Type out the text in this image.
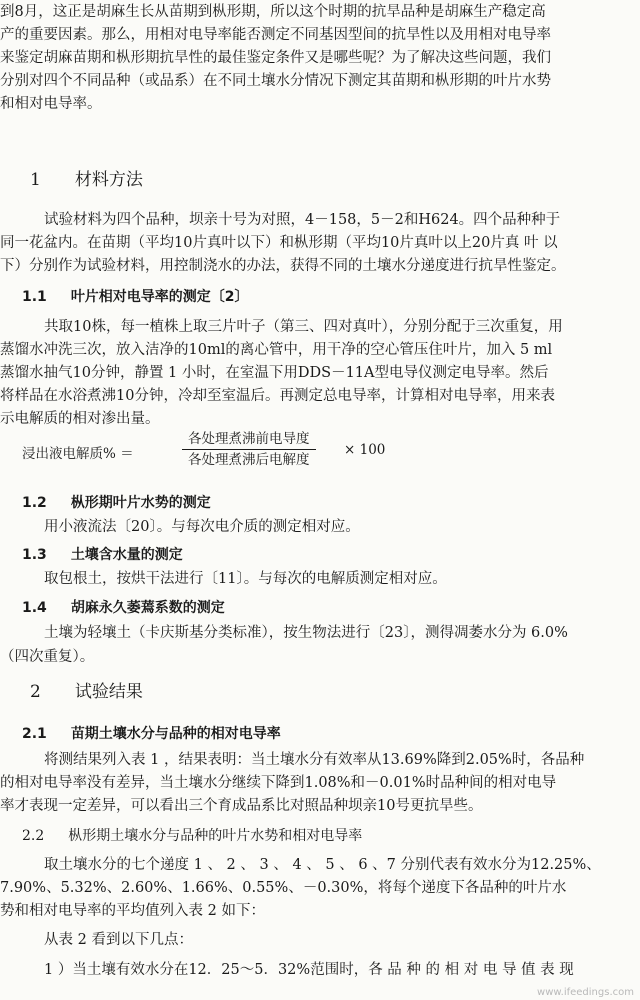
到8月，这正是胡麻生长从苗期到枞形期，所以这个时期的抗旱品种是胡麻生产稳定高
产的重要因素。那么，用相对电导率能否测定不同基因型间的抗旱性以及用相对电导率
来鉴定胡麻苗期和枞形期抗旱性的最佳鉴定条件又是哪些呢？为了解决这些问题，我们
分别对四个不同品种（或品系）在不同土壤水分情况下测定其苗期和枞形期的叶片水势
和相对电导率。
1 材料方法
试验材料为四个品种，坝亲十号为对照，4－158，5－2和H624。四个品种种于
同一花盆内。在苗期（平均10片真叶以下）和枞形期（平均10片真叶以上20片真 叶 以
下）分别作为试验材料，用控制浇水的办法，获得不同的土壤水分递度进行抗旱性鉴定。
1.1 叶片相对电导率的测定〔2〕
共取10株，每一植株上取三片叶子（第三、四对真叶），分别分配于三次重复，用
蒸馏水冲洗三次，放入洁净的10ml的离心管中，用干净的空心管压住叶片，加入 5 ml
蒸馏水抽气10分钟，静置 1 小时，在室温下用DDS－11A型电导仪测定电导率。然后
将样品在水浴煮沸10分钟，冷却至室温后。再测定总电导率，计算相对电导率，用来表
示电解质的相对渗出量。
浸出液电解质% ＝
各处理煮沸前电导度
各处理煮沸后电解度
× 100
1.2 枞形期叶片水势的测定
用小液流法〔20〕。与每次电介质的测定相对应。
1.3 土壤含水量的测定
取包根土，按烘干法进行〔11〕。与每次的电解质测定相对应。
1.4 胡麻永久萎蔫系数的测定
土壤为轻壤土（卡庆斯基分类标准），按生物法进行〔23〕，测得凋萎水分为 6.0%
（四次重复）。
2 试验结果
2.1 苗期土壤水分与品种的相对电导率
将测结果列入表 1 ，结果表明：当土壤水分有效率从13.69%降到2.05%时，各品种
的相对电导率没有差异，当土壤水分继续下降到1.08%和－0.01%时品种间的相对电导
率才表现一定差异，可以看出三个育成品系比对照品种坝亲10号更抗旱些。
2.2 枞形期土壤水分与品种的叶片水势和相对电导率
取土壤水分的七个递度 1 、 2 、 3 、 4 、 5 、 6 、7 分别代表有效水分为12.25%、
7.90%、5.32%、2.60%、1.66%、0.55%、－0.30%，将每个递度下各品种的叶片水
势和相对电导率的平均值列入表 2 如下：
从表 2 看到以下几点：
1 ）当土壤有效水分在12．25～5．32%范围时，各 品 种 的 相 对 电 导 值 表 现
www.ifeedings.com
